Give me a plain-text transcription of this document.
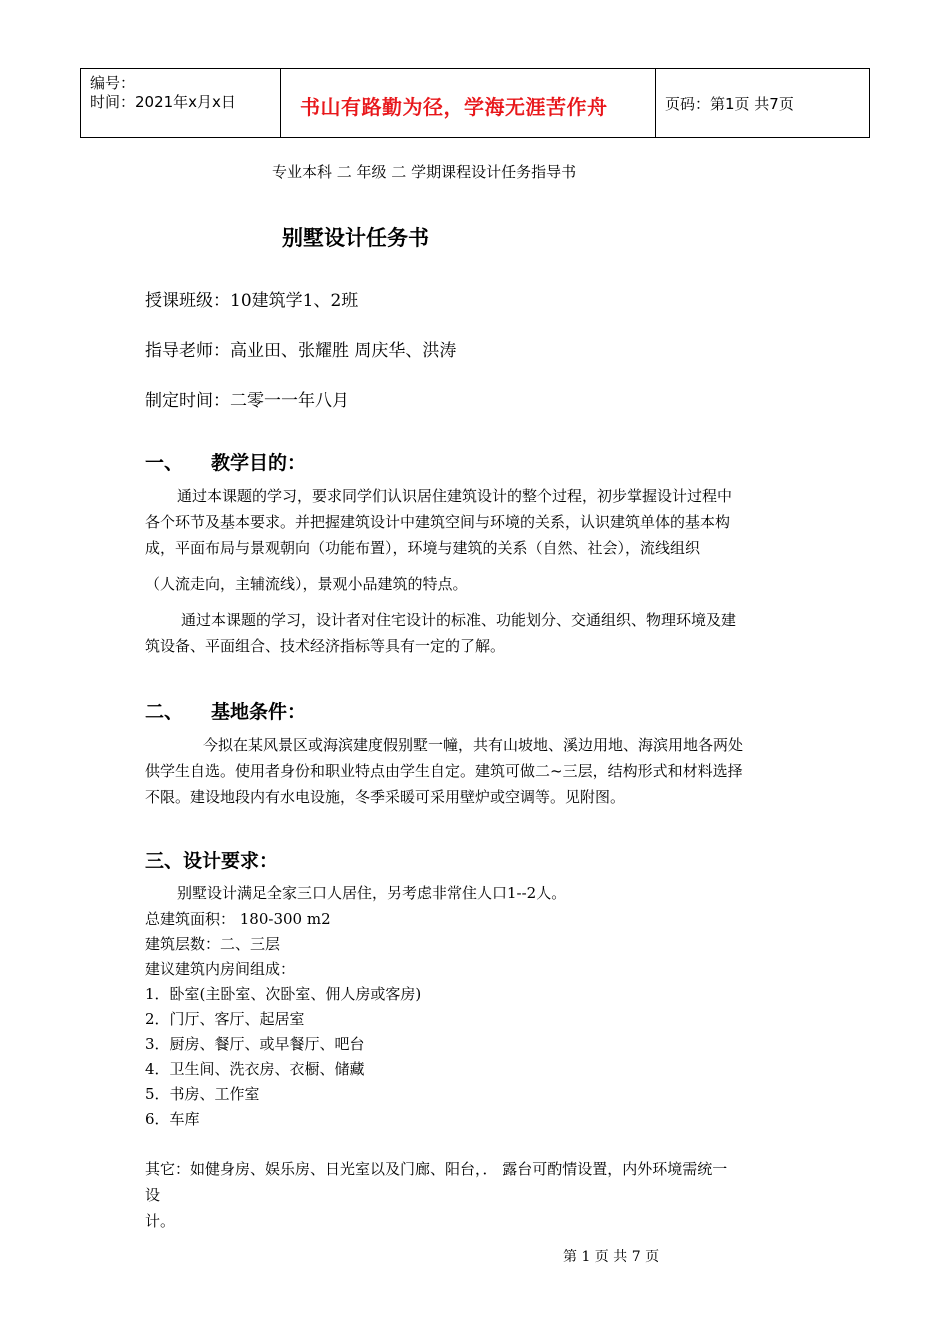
编号：
时间：2021年x月x日	书山有路勤为径，学海无涯苦作舟	页码：第1页 共7页
专业本科 二 年级 二 学期课程设计任务指导书
别墅设计任务书
授课班级：10建筑学1、2班
指导老师：高业田、张耀胜 周庆华、洪涛
制定时间：二零一一年八月
一、 教学目的：
通过本课题的学习，要求同学们认识居住建筑设计的整个过程，初步掌握设计过程中
各个环节及基本要求。并把握建筑设计中建筑空间与环境的关系，认识建筑单体的基本构
成，平面布局与景观朝向（功能布置），环境与建筑的关系（自然、社会），流线组织
（人流走向，主辅流线），景观小品建筑的特点。
通过本课题的学习，设计者对住宅设计的标准、功能划分、交通组织、物理环境及建
筑设备、平面组合、技术经济指标等具有一定的了解。
二、 基地条件：
今拟在某风景区或海滨建度假别墅一幢，共有山坡地、溪边用地、海滨用地各两处
供学生自选。使用者身份和职业特点由学生自定。建筑可做二~三层，结构形式和材料选择
不限。建设地段内有水电设施，冬季采暖可采用壁炉或空调等。见附图。
三、设计要求：
别墅设计满足全家三口人居住，另考虑非常住人口1--2人。
总建筑面积： 180-300 m2
建筑层数：二、三层
建议建筑内房间组成：
1．卧室(主卧室、次卧室、佣人房或客房)
2．门厅、客厅、起居室
3．厨房、餐厅、或早餐厅、吧台
4．卫生间、洗衣房、衣橱、储藏
5．书房、工作室
6．车库
其它：如健身房、娱乐房、日光室以及门廊、阳台，． 露台可酌情设置，内外环境需统一
设
计。
第 1 页 共 7 页
